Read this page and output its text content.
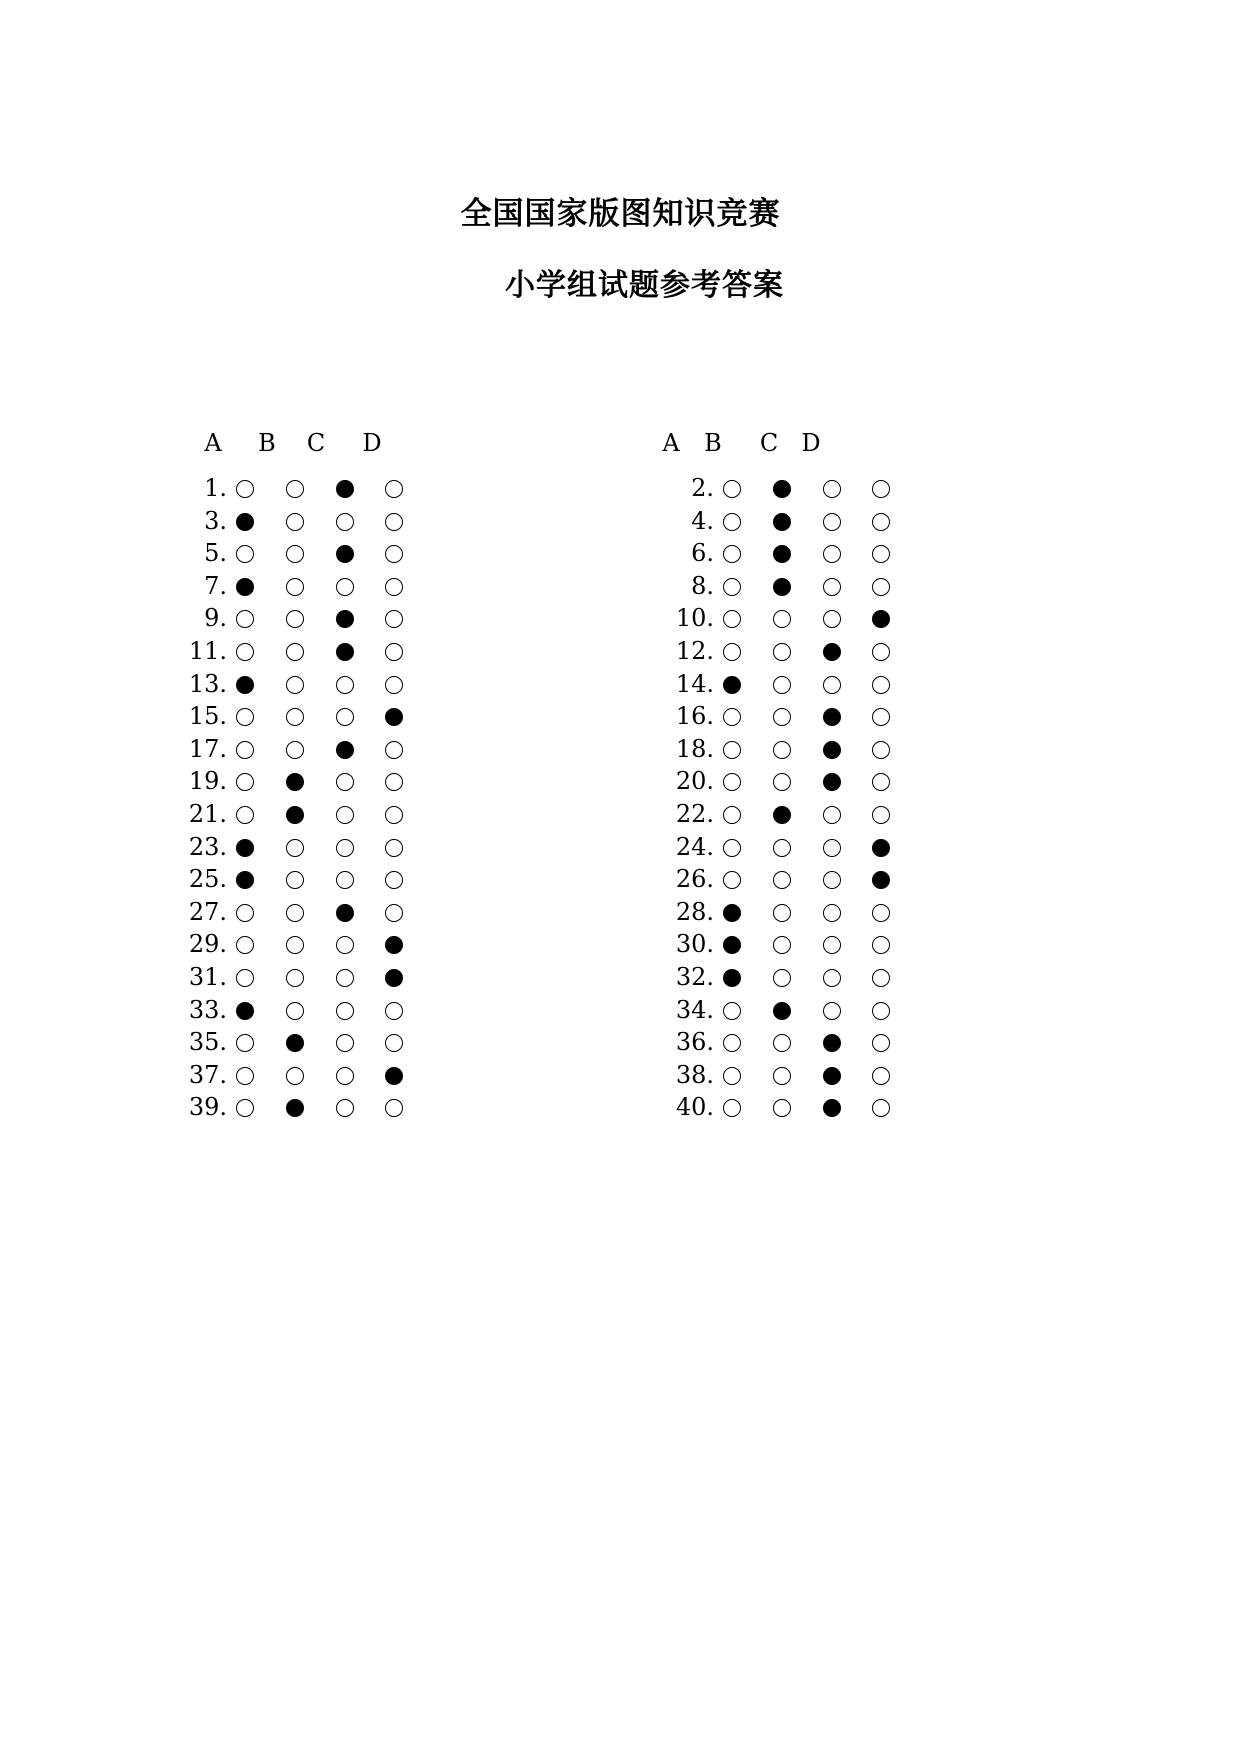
全国国家版图知识竞赛
小学组试题参考答案
A B C D
1.
3.
5.
7.
9.
11.
13.
15.
17.
19.
21.
23.
25.
27.
29.
31.
33.
35.
37.
39.
A B C D
2.
4.
6.
8.
10.
12.
14.
16.
18.
20.
22.
24.
26.
28.
30.
32.
34.
36.
38.
40.
